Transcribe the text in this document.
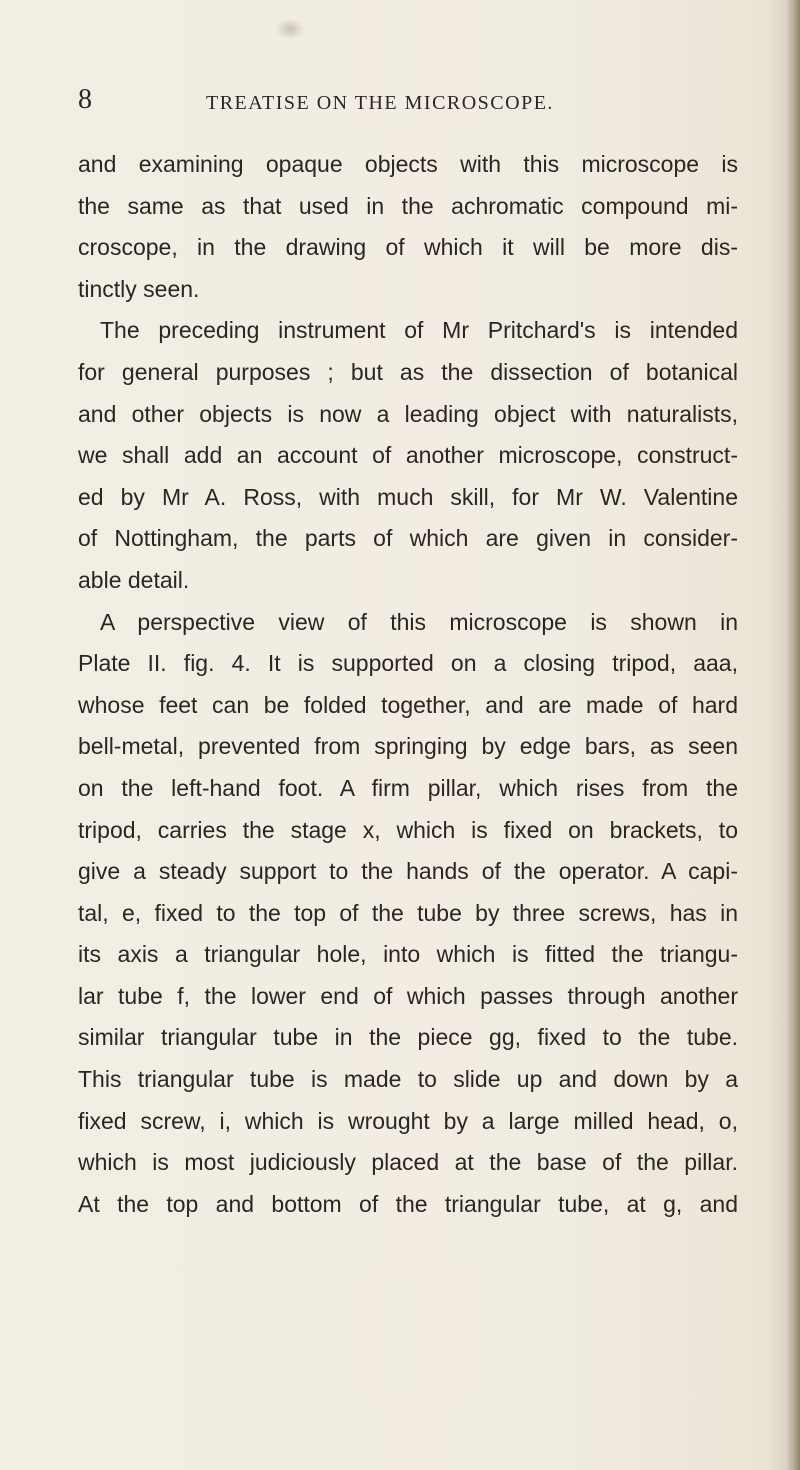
8	TREATISE ON THE MICROSCOPE.
and examining opaque objects with this microscope is
the same as that used in the achromatic compound mi-
croscope, in the drawing of which it will be more dis-
tinctly seen.
The preceding instrument of Mr Pritchard's is intended
for general purposes ; but as the dissection of botanical
and other objects is now a leading object with naturalists,
we shall add an account of another microscope, construct-
ed by Mr A. Ross, with much skill, for Mr W. Valentine
of Nottingham, the parts of which are given in consider-
able detail.
A perspective view of this microscope is shown in
Plate II. fig. 4. It is supported on a closing tripod, aaa,
whose feet can be folded together, and are made of hard
bell-metal, prevented from springing by edge bars, as seen
on the left-hand foot. A firm pillar, which rises from the
tripod, carries the stage x, which is fixed on brackets, to
give a steady support to the hands of the operator. A capi-
tal, e, fixed to the top of the tube by three screws, has in
its axis a triangular hole, into which is fitted the triangu-
lar tube f, the lower end of which passes through another
similar triangular tube in the piece gg, fixed to the tube.
This triangular tube is made to slide up and down by a
fixed screw, i, which is wrought by a large milled head, o,
which is most judiciously placed at the base of the pillar.
At the top and bottom of the triangular tube, at g, and
